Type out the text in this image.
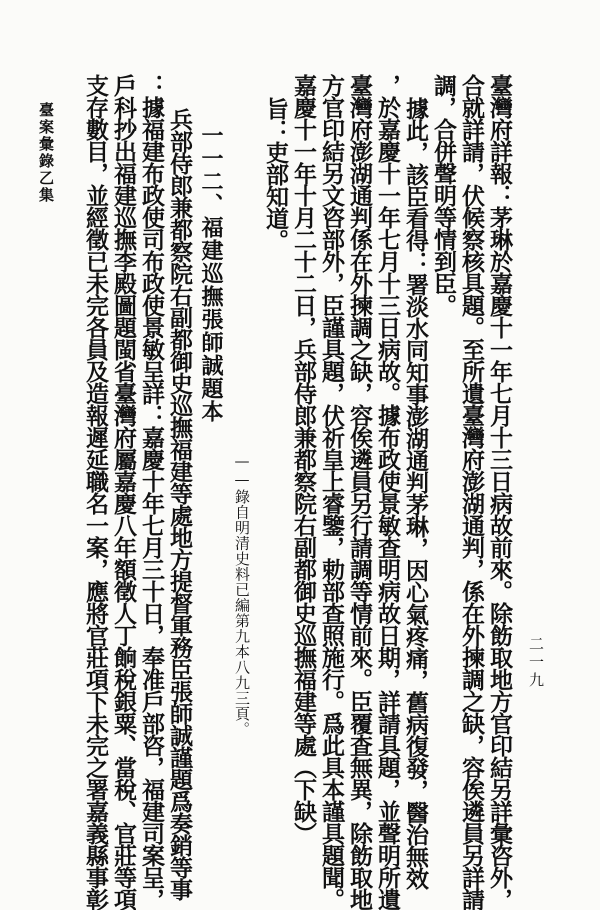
二一九
臺灣府詳報：茅琳於嘉慶十一年七月十三日病故前來。除飭取地方官印結另詳彙咨外，
合就詳請，伏候察核具題。至所遺臺灣府澎湖通判，係在外揀調之缺，容俟遴員另詳請
調，合併聲明等情到臣。
據此，該臣看得：署淡水同知事澎湖通判茅琳，因心氣疼痛，舊病復發，醫治無效
，於嘉慶十一年七月十三日病故。據布政使景敏查明病故日期，詳請具題，並聲明所遺
臺灣府澎湖通判係在外揀調之缺，容俟遴員另行請調等情前來。臣覆查無異，除飭取地
方官印結另文咨部外，臣謹具題，伏祈皇上睿鑒，勅部查照施行。爲此具本謹具題聞。
嘉慶十一年十月二十二日，兵部侍郎兼都察院右副都御史巡撫福建等處（下缺）
旨：吏部知道。
——錄自明清史料已編第九本八九三頁。
一一二、福建巡撫張師誠題本
兵部侍郎兼都察院右副都御史巡撫福建等處地方提督軍務臣張師誠謹題爲奏銷等事
：據福建布政使司布政使景敏呈詳：嘉慶十年七月三十日，奉准戶部咨，福建司案呈，
戶科抄出福建巡撫李殿圖題閩省臺灣府屬嘉慶八年額徵人丁餉稅銀粟、當稅、官莊等項
支存數目，並經徵已未完各員及造報遲延職名一案，應將官莊項下未完之署嘉義縣事彰
臺案彙錄乙集
